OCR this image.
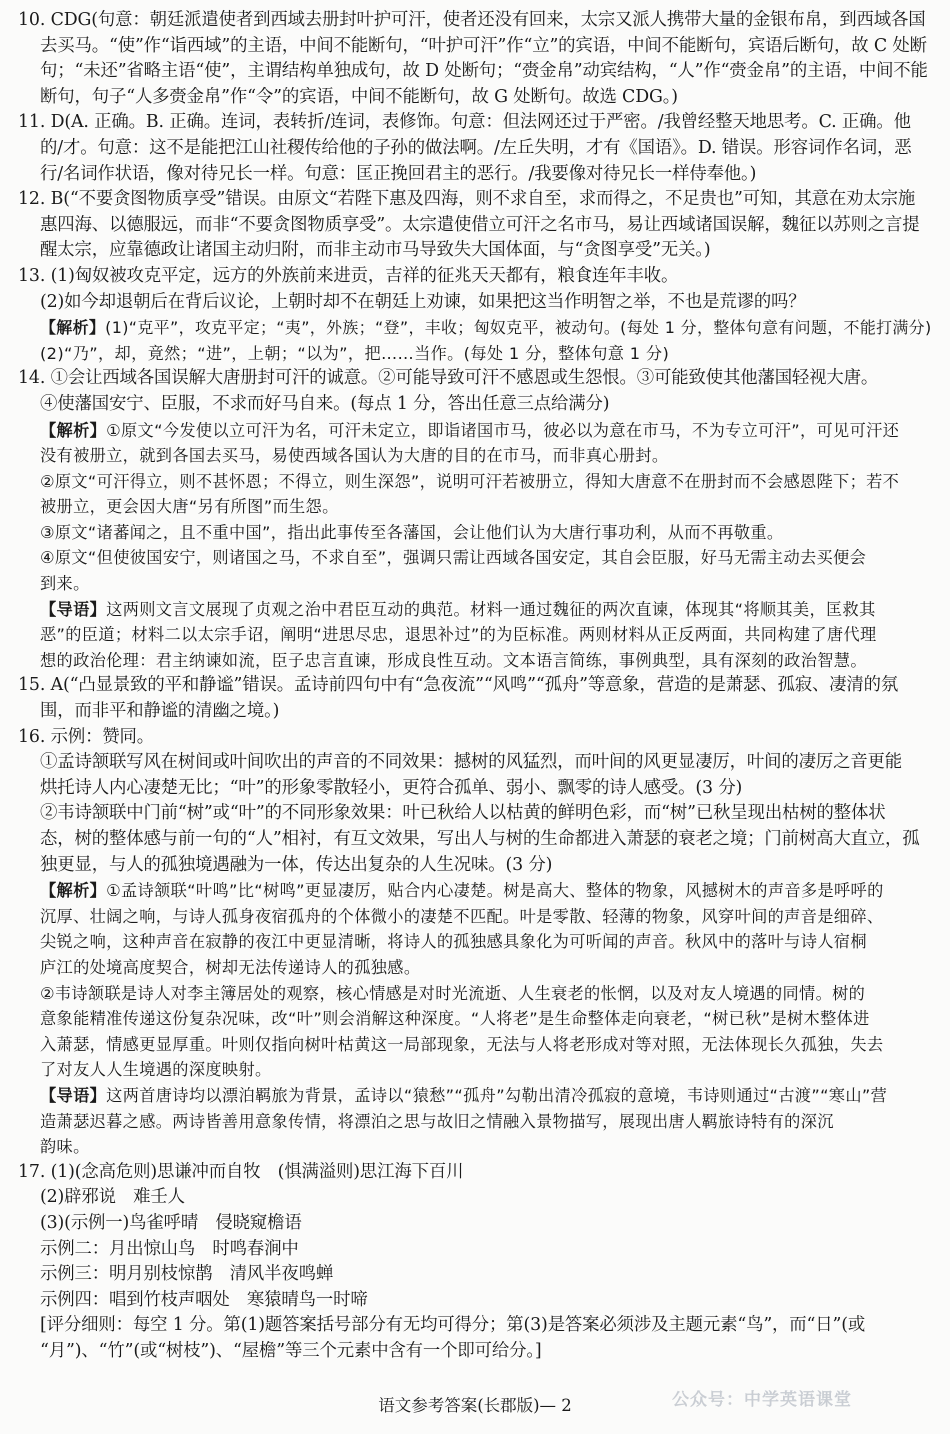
10. CDG(句意：朝廷派遣使者到西域去册封叶护可汗，使者还没有回来，太宗又派人携带大量的金银布帛，到西域各国
去买马。“使”作“诣西域”的主语，中间不能断句，“叶护可汗”作“立”的宾语，中间不能断句，宾语后断句，故 C 处断
句；“未还”省略主语“使”，主谓结构单独成句，故 D 处断句；“赍金帛”动宾结构，“人”作“赍金帛”的主语，中间不能
断句，句子“人多赍金帛”作“令”的宾语，中间不能断句，故 G 处断句。故选 CDG。)
11. D(A. 正确。B. 正确。连词，表转折/连词，表修饰。句意：但法网还过于严密。/我曾经整天地思考。C. 正确。他
的/才。句意：这不是能把江山社稷传给他的子孙的做法啊。/左丘失明，才有《国语》。D. 错误。形容词作名词，恶
行/名词作状语，像对待兄长一样。句意：匡正挽回君主的恶行。/我要像对待兄长一样侍奉他。)
12. B(“不要贪图物质享受”错误。由原文“若陛下惠及四海，则不求自至，求而得之，不足贵也”可知，其意在劝太宗施
惠四海、以德服远，而非“不要贪图物质享受”。太宗遣使借立可汗之名市马，易让西域诸国误解，魏征以苏则之言提
醒太宗，应靠德政让诸国主动归附，而非主动市马导致失大国体面，与“贪图享受”无关。)
13. (1)匈奴被攻克平定，远方的外族前来进贡，吉祥的征兆天天都有，粮食连年丰收。
(2)如今却退朝后在背后议论，上朝时却不在朝廷上劝谏，如果把这当作明智之举，不也是荒谬的吗？
【解析】(1)“克平”，攻克平定；“夷”，外族；“登”，丰收；匈奴克平，被动句。(每处 1 分，整体句意有问题，不能打满分)
(2)“乃”，却，竟然；“进”，上朝；“以为”，把……当作。(每处 1 分，整体句意 1 分)
14. ①会让西域各国误解大唐册封可汗的诚意。②可能导致可汗不感恩或生怨恨。③可能致使其他藩国轻视大唐。
④使藩国安宁、臣服，不求而好马自来。(每点 1 分，答出任意三点给满分)
【解析】①原文“今发使以立可汗为名，可汗未定立，即诣诸国市马，彼必以为意在市马，不为专立可汗”，可见可汗还
没有被册立，就到各国去买马，易使西域各国认为大唐的目的在市马，而非真心册封。
②原文“可汗得立，则不甚怀恩；不得立，则生深怨”，说明可汗若被册立，得知大唐意不在册封而不会感恩陛下；若不
被册立，更会因大唐“另有所图”而生怨。
③原文“诸蕃闻之，且不重中国”，指出此事传至各藩国，会让他们认为大唐行事功利，从而不再敬重。
④原文“但使彼国安宁，则诸国之马，不求自至”，强调只需让西域各国安定，其自会臣服，好马无需主动去买便会
到来。
【导语】这两则文言文展现了贞观之治中君臣互动的典范。材料一通过魏征的两次直谏，体现其“将顺其美，匡救其
恶”的臣道；材料二以太宗手诏，阐明“进思尽忠，退思补过”的为臣标准。两则材料从正反两面，共同构建了唐代理
想的政治伦理：君主纳谏如流，臣子忠言直谏，形成良性互动。文本语言简练，事例典型，具有深刻的政治智慧。
15. A(“凸显景致的平和静谧”错误。孟诗前四句中有“急夜流”“风鸣”“孤舟”等意象，营造的是萧瑟、孤寂、凄清的氛
围，而非平和静谧的清幽之境。)
16. 示例：赞同。
①孟诗颔联写风在树间或叶间吹出的声音的不同效果：撼树的风猛烈，而叶间的风更显凄厉，叶间的凄厉之音更能
烘托诗人内心凄楚无比；“叶”的形象零散轻小，更符合孤单、弱小、飘零的诗人感受。(3 分)
②韦诗颔联中门前“树”或“叶”的不同形象效果：叶已秋给人以枯黄的鲜明色彩，而“树”已秋呈现出枯树的整体状
态，树的整体感与前一句的“人”相衬，有互文效果，写出人与树的生命都进入萧瑟的衰老之境；门前树高大直立，孤
独更显，与人的孤独境遇融为一体，传达出复杂的人生况味。(3 分)
【解析】①孟诗颔联“叶鸣”比“树鸣”更显凄厉，贴合内心凄楚。树是高大、整体的物象，风撼树木的声音多是呼呼的
沉厚、壮阔之响，与诗人孤身夜宿孤舟的个体微小的凄楚不匹配。叶是零散、轻薄的物象，风穿叶间的声音是细碎、
尖锐之响，这种声音在寂静的夜江中更显清晰，将诗人的孤独感具象化为可听闻的声音。秋风中的落叶与诗人宿桐
庐江的处境高度契合，树却无法传递诗人的孤独感。
②韦诗颔联是诗人对李主簿居处的观察，核心情感是对时光流逝、人生衰老的怅惘，以及对友人境遇的同情。树的
意象能精准传递这份复杂况味，改“叶”则会消解这种深度。“人将老”是生命整体走向衰老，“树已秋”是树木整体进
入萧瑟，情感更显厚重。叶则仅指向树叶枯黄这一局部现象，无法与人将老形成对等对照，无法体现长久孤独，失去
了对友人人生境遇的深度映射。
【导语】这两首唐诗均以漂泊羁旅为背景，孟诗以“猿愁”“孤舟”勾勒出清冷孤寂的意境，韦诗则通过“古渡”“寒山”营
造萧瑟迟暮之感。两诗皆善用意象传情，将漂泊之思与故旧之情融入景物描写，展现出唐人羁旅诗特有的深沉
韵味。
17. (1)(念高危则)思谦冲而自牧　(惧满溢则)思江海下百川
(2)辟邪说　难壬人
(3)(示例一)鸟雀呼晴　侵晓窥檐语
示例二：月出惊山鸟　时鸣春涧中
示例三：明月别枝惊鹊　清风半夜鸣蝉
示例四：唱到竹枝声咽处　寒猿晴鸟一时啼
[评分细则：每空 1 分。第(1)题答案括号部分有无均可得分；第(3)是答案必须涉及主题元素“鸟”，而“日”(或
“月”)、“竹”(或“树枝”)、“屋檐”等三个元素中含有一个即可给分。]
公众号：中学英语课堂
语文参考答案(长郡版)— 2
